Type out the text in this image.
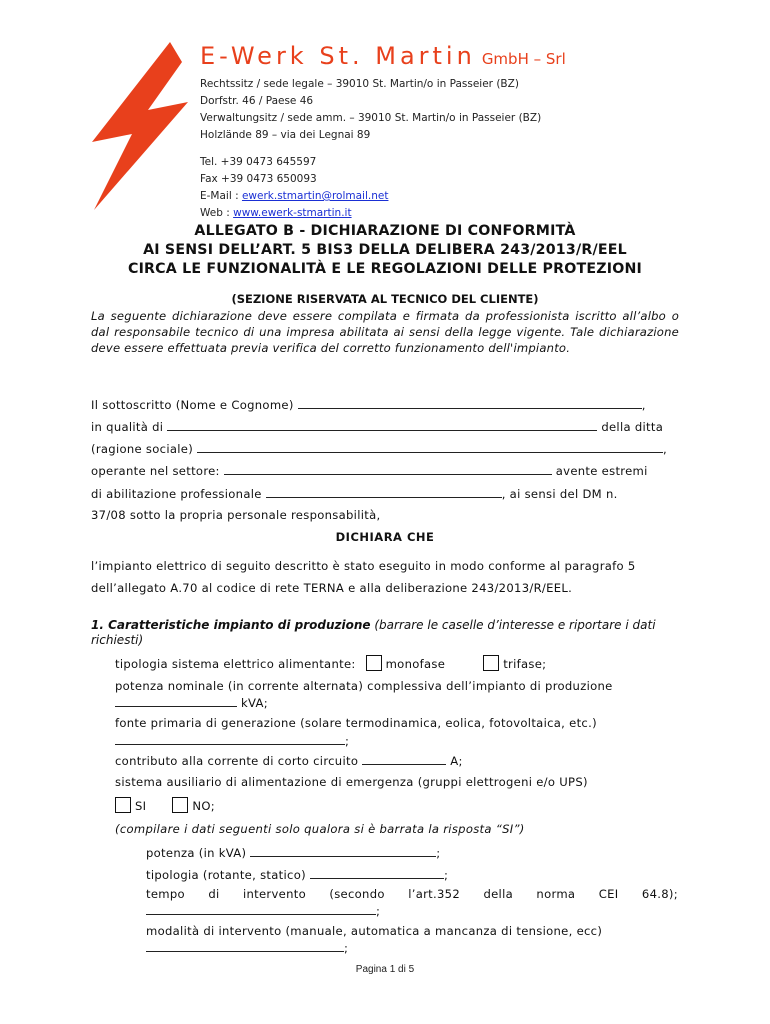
E-Werk St. Martin GmbH – Srl
Rechtssitz / sede legale – 39010 St. Martin/o in Passeier (BZ)
Dorfstr. 46 / Paese 46
Verwaltungsitz / sede amm. – 39010 St. Martin/o in Passeier (BZ)
Holzlände 89 – via dei Legnai 89
Tel. +39 0473 645597
Fax +39 0473 650093
E-Mail : ewerk.stmartin@rolmail.net
Web : www.ewerk-stmartin.it
ALLEGATO B - DICHIARAZIONE DI CONFORMITÀ
AI SENSI DELL’ART. 5 BIS3 DELLA DELIBERA 243/2013/R/EEL
CIRCA LE FUNZIONALITÀ E LE REGOLAZIONI DELLE PROTEZIONI
(SEZIONE RISERVATA AL TECNICO DEL CLIENTE)
La seguente dichiarazione deve essere compilata e firmata da professionista iscritto all’albo o dal responsabile tecnico di una impresa abilitata ai sensi della legge vigente. Tale dichiarazione deve essere effettuata previa verifica del corretto funzionamento dell'impianto.
Il sottoscritto (Nome e Cognome)	,
in qualità di	della ditta
(ragione sociale)	,
operante nel settore:	avente estremi
di abilitazione professionale	, ai sensi del DM n.
37/08 sotto la propria personale responsabilità,
DICHIARA CHE
l’impianto elettrico di seguito descritto è stato eseguito in modo conforme al paragrafo 5
dell’allegato A.70 al codice di rete TERNA e alla deliberazione 243/2013/R/EEL.
1. Caratteristiche impianto di produzione (barrare le caselle d’interesse e riportare i dati richiesti)
tipologia sistema elettrico alimentante:	monofase	trifase;
potenza nominale (in corrente alternata) complessiva dell’impianto di produzione
kVA;
fonte primaria di generazione (solare termodinamica, eolica, fotovoltaica, etc.)
;
contributo alla corrente di corto circuito	A;
sistema ausiliario di alimentazione di emergenza (gruppi elettrogeni e/o UPS)
SI	NO;
(compilare i dati seguenti solo qualora si è barrata la risposta “SI”)
potenza (in kVA)	;
tipologia (rotante, statico)	;
tempo di intervento (secondo l’art.352 della norma CEI 64.8);
;
modalità di intervento (manuale, automatica a mancanza di tensione, ecc)
;
Pagina 1 di 5
